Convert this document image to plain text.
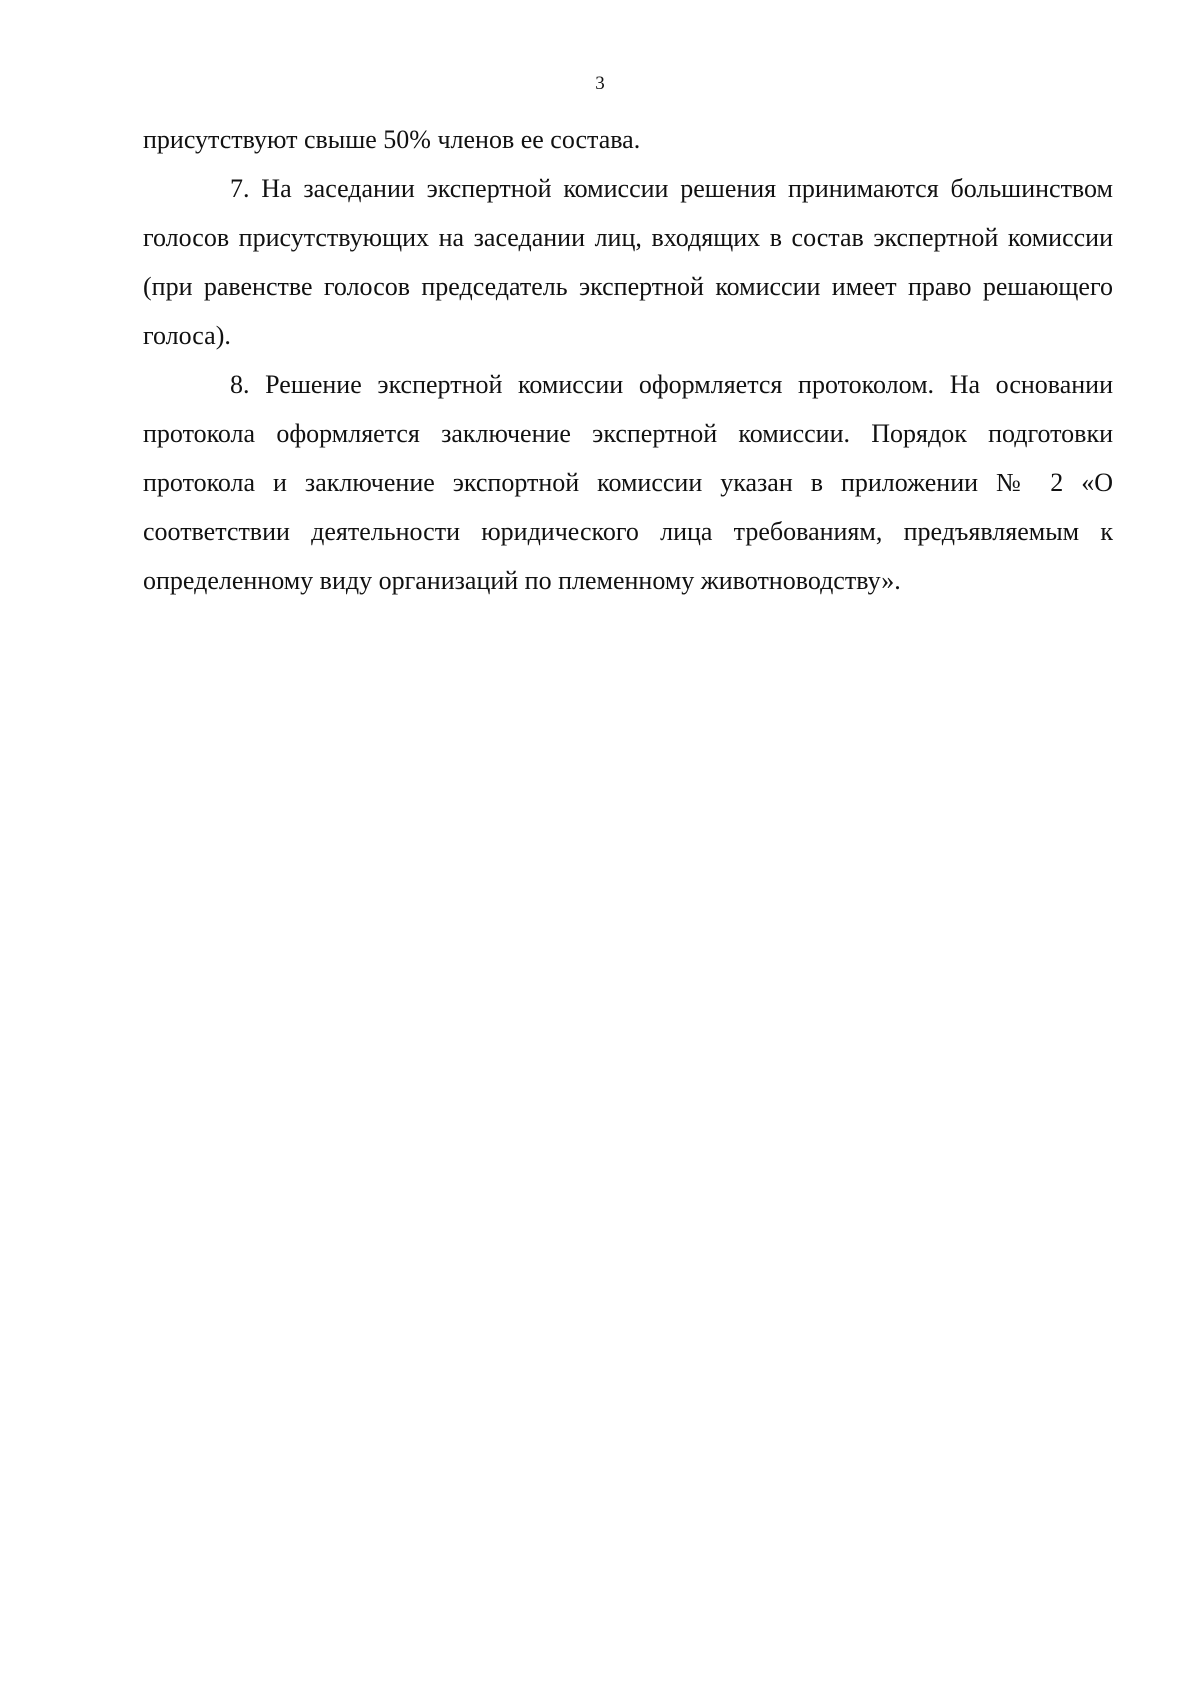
3

присутствуют свыше 50% членов ее состава.

7. На заседании экспертной комиссии решения принимаются большинством голосов присутствующих на заседании лиц, входящих в состав экспертной комиссии (при равенстве голосов председатель экспертной комиссии имеет право решающего голоса).

8. Решение экспертной комиссии оформляется протоколом. На основании протокола оформляется заключение экспертной комиссии. Порядок подготовки протокола и заключение экспортной комиссии указан в приложении № 2 «О соответствии деятельности юридического лица требованиям, предъявляемым к определенному виду организаций по племенному животноводству».
